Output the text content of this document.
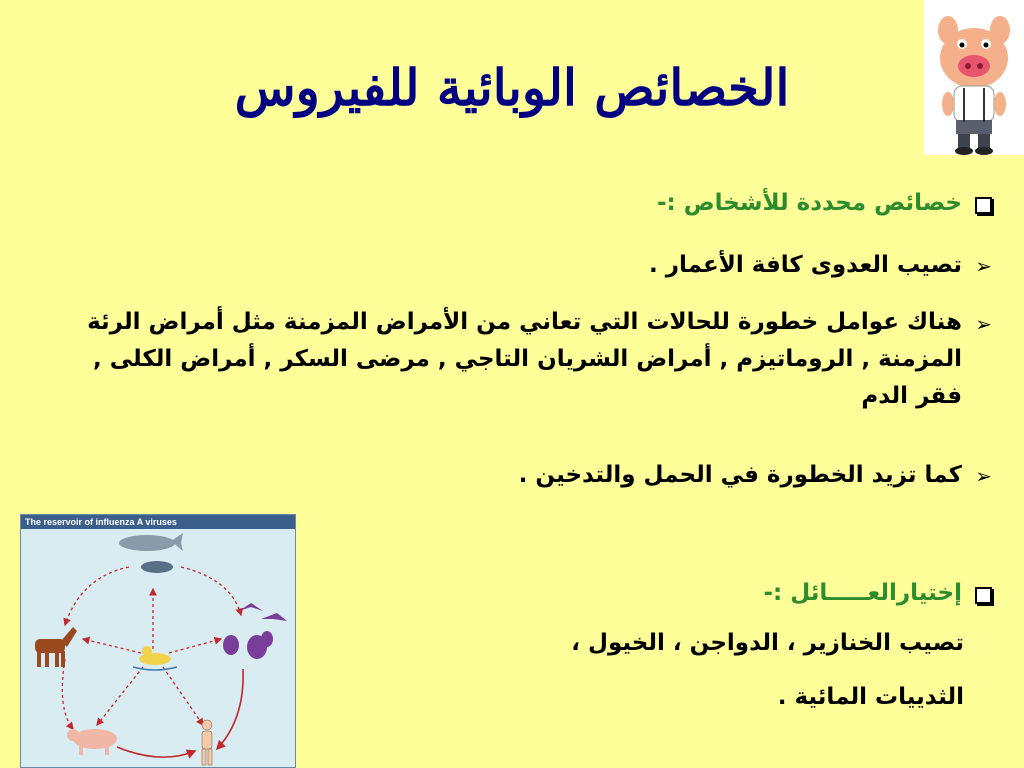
الخصائص الوبائية للفيروس
خصائص محددة للأشخاص :-
➢
تصيب العدوى كافة الأعمار .
➢
هناك عوامل خطورة للحالات التي تعاني من الأمراض المزمنة مثل أمراض الرئة المزمنة , الروماتيزم , أمراض الشريان التاجي , مرضى السكر , أمراض الكلى , فقر الدم
➢
كما تزيد الخطورة في الحمل والتدخين .
إختيارالعـــــائل :-
تصيب الخنازير ، الدواجن ، الخيول ،
الثدييات المائية .
The reservoir of influenza A viruses
